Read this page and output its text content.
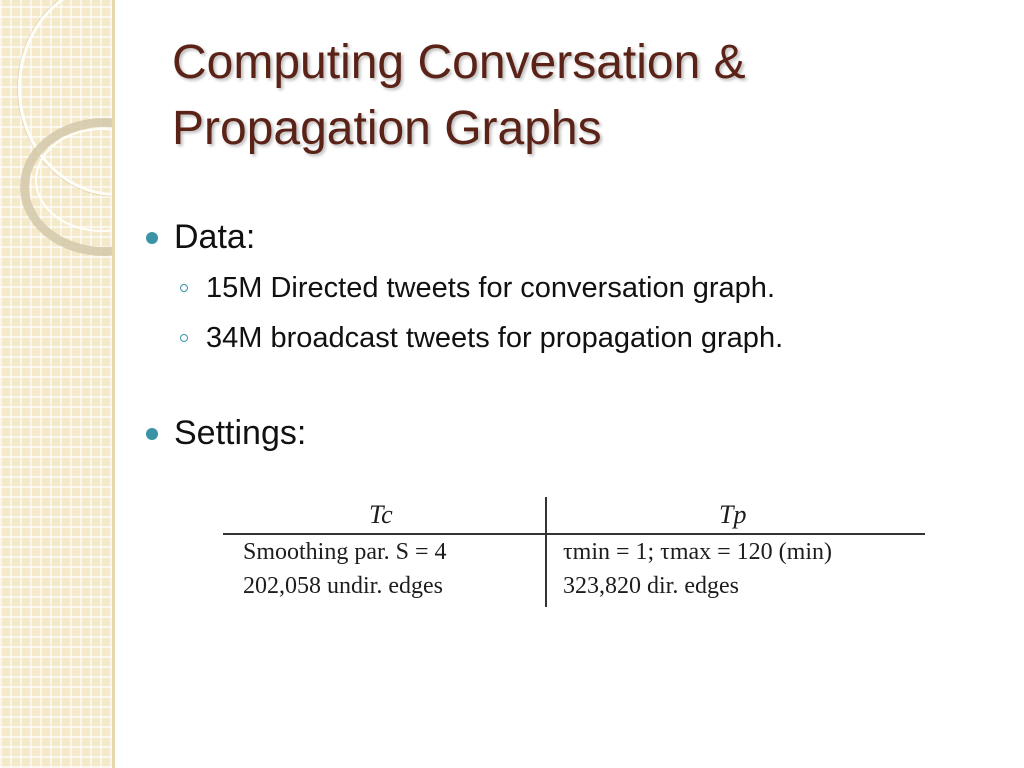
Computing Conversation & Propagation Graphs
Data:
15M Directed tweets for conversation graph.
34M broadcast tweets for propagation graph.
Settings:
Tc	Tp
Smoothing par. S = 4	τmin = 1; τmax = 120 (min)
202,058 undir. edges	323,820 dir. edges
